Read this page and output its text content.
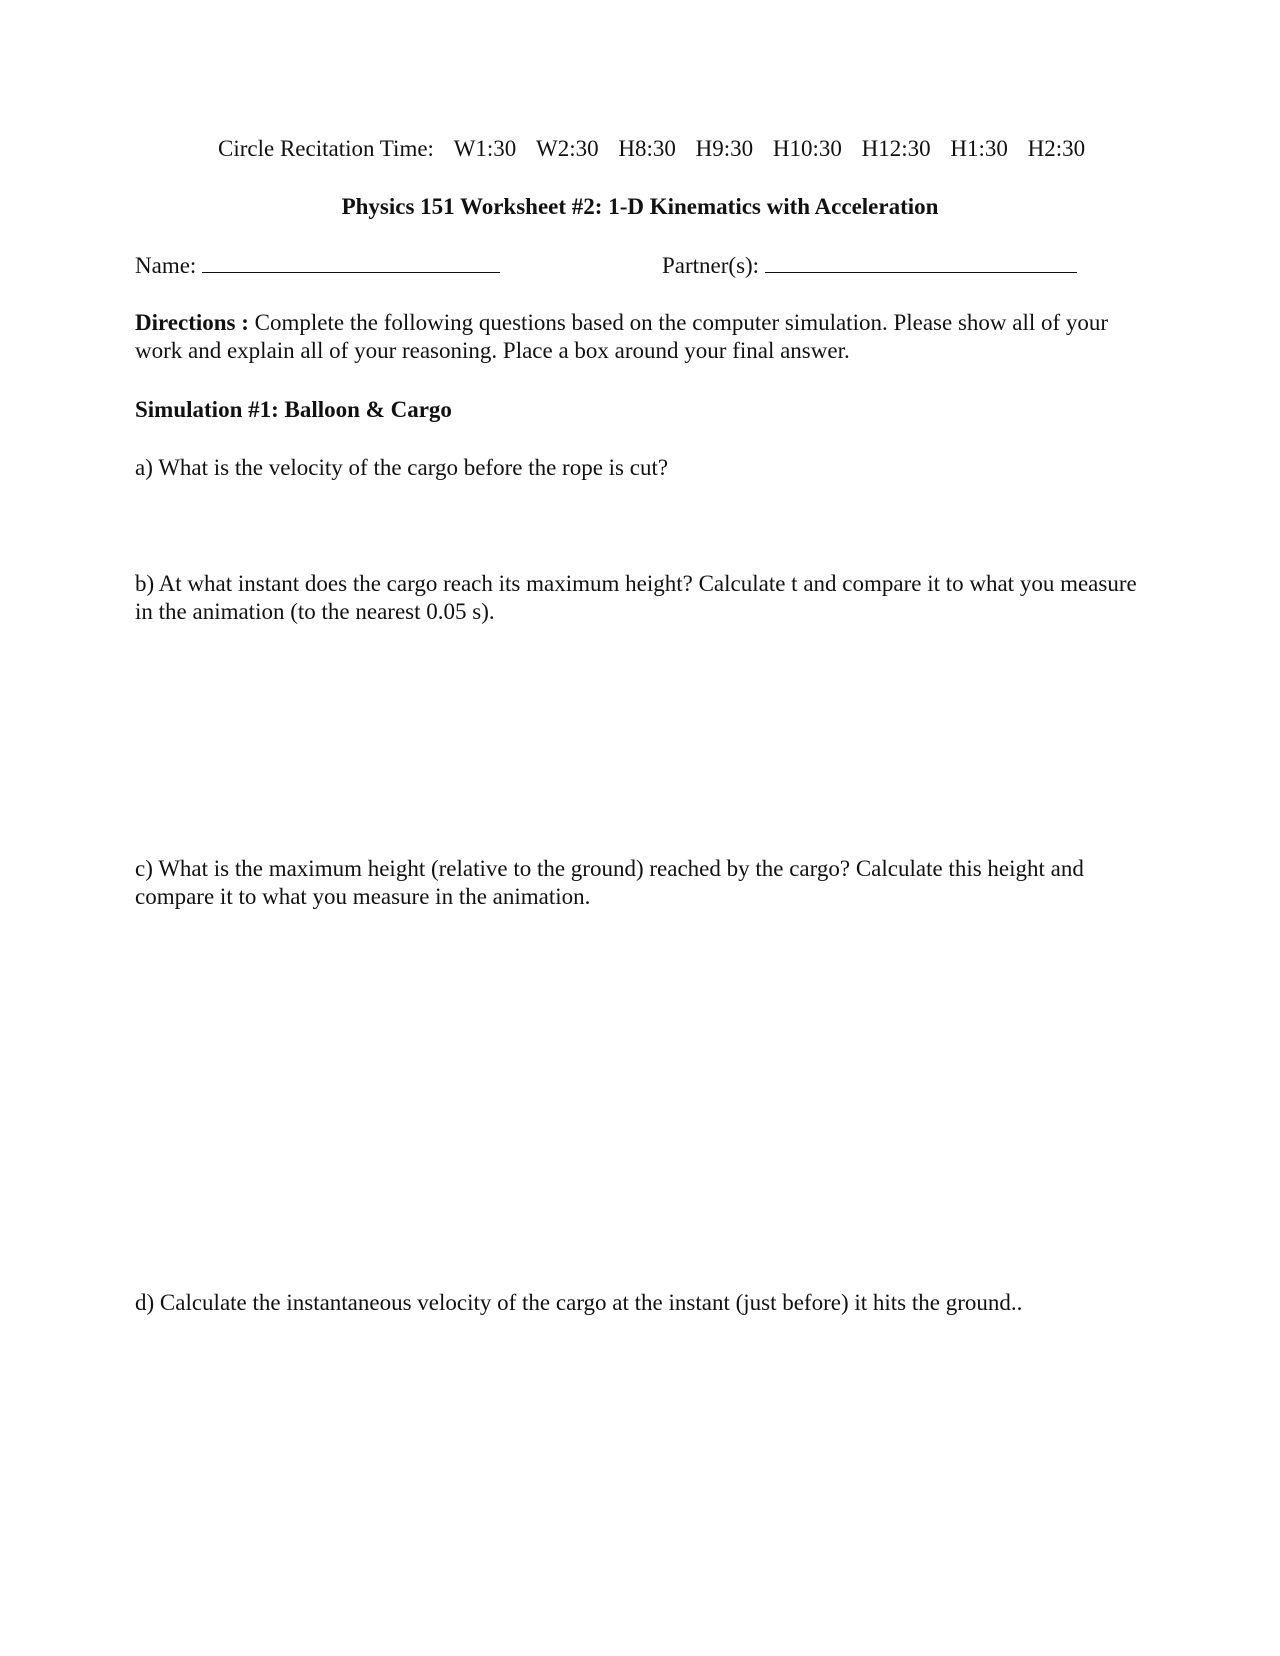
Circle Recitation Time: W1:30 W2:30 H8:30 H9:30 H10:30 H12:30 H1:30 H2:30
Physics 151 Worksheet #2: 1-D Kinematics with Acceleration
Name:	Partner(s):
Directions : Complete the following questions based on the computer simulation. Please show all of your work and explain all of your reasoning. Place a box around your final answer.
Simulation #1: Balloon & Cargo
a) What is the velocity of the cargo before the rope is cut?
b) At what instant does the cargo reach its maximum height? Calculate t and compare it to what you measure in the animation (to the nearest 0.05 s).
c) What is the maximum height (relative to the ground) reached by the cargo? Calculate this height and compare it to what you measure in the animation.
d) Calculate the instantaneous velocity of the cargo at the instant (just before) it hits the ground..
